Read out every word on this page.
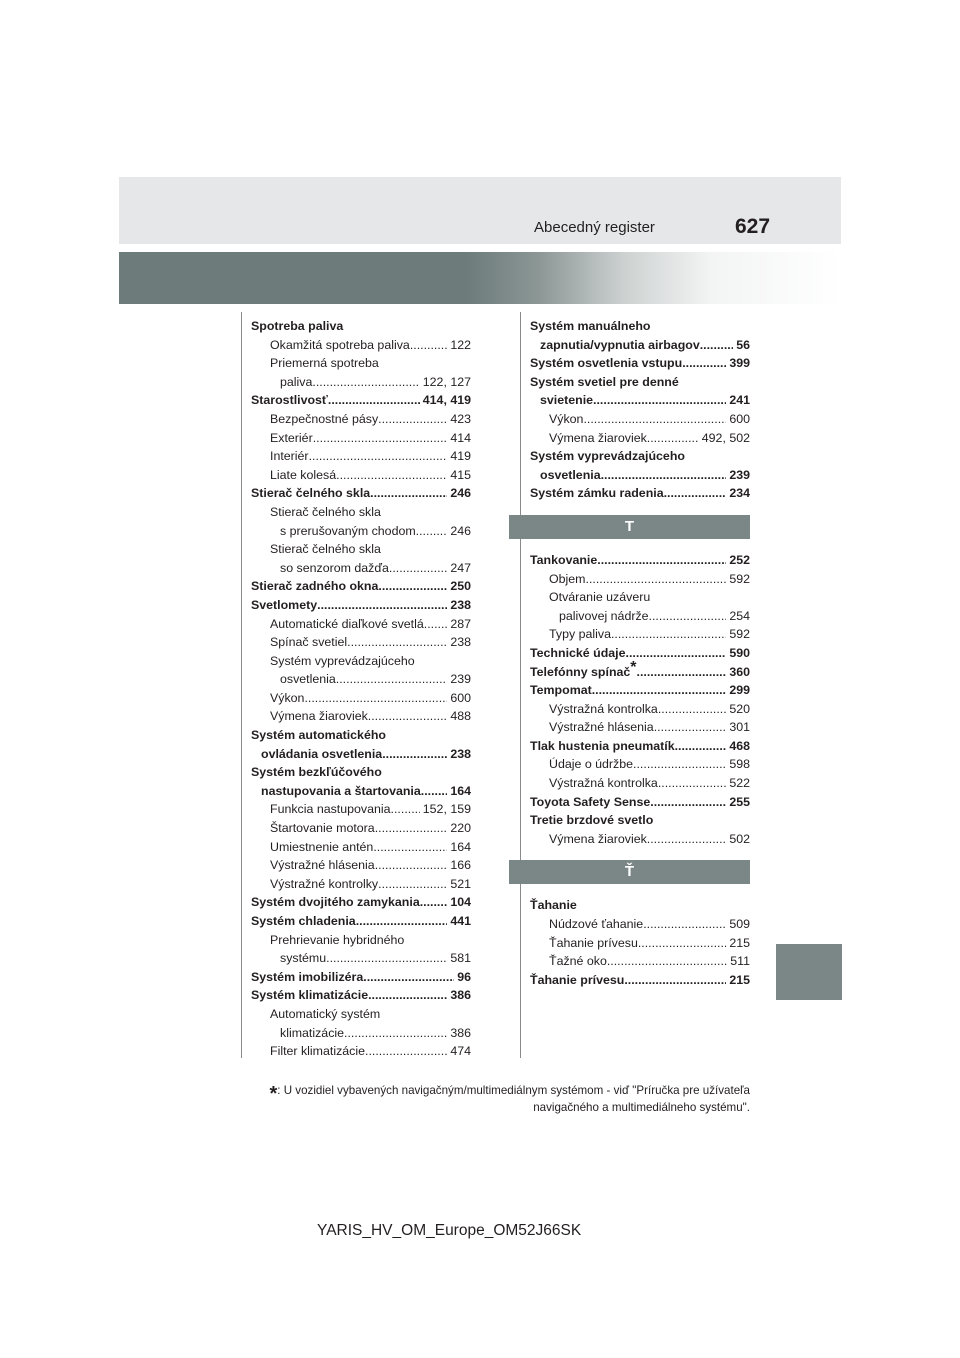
Abecedný register	627
Spotreba paliva
Okamžitá spotreba paliva .....	122
Priemerná spotreba
paliva .....	122, 127
Starostlivosť .....	414, 419
Bezpečnostné pásy .....	423
Exteriér .....	414
Interiér .....	419
Liate kolesá .....	415
Stierač čelného skla .....	246
Stierač čelného skla
s prerušovaným chodom .....	246
Stierač čelného skla
so senzorom dažďa .....	247
Stierač zadného okna .....	250
Svetlomety .....	238
Automatické diaľkové svetlá ..... 287
Spínač svetiel .....	238
Systém vyprevádzajúceho
osvetlenia .....	239
Výkon .....	600
Výmena žiaroviek .....	488
Systém automatického
ovládania osvetlenia .....	238
Systém bezkľúčového
nastupovania a štartovania ..... 164
Funkcia nastupovania .....	152, 159
Štartovanie motora .....	220
Umiestnenie antén .....	164
Výstražné hlásenia .....	166
Výstražné kontrolky .....	521
Systém dvojitého zamykania ..... 104
Systém chladenia .....	441
Prehrievanie hybridného
systému .....	581
Systém imobilizéra .....	96
Systém klimatizácie .....	386
Automatický systém
klimatizácie .....	386
Filter klimatizácie .....	474
Systém manuálneho
zapnutia/vypnutia airbagov .....	56
Systém osvetlenia vstupu .....	399
Systém svetiel pre denné
svietenie .....	241
Výkon .....	600
Výmena žiaroviek .....	492, 502
Systém vyprevádzajúceho
osvetlenia .....	239
Systém zámku radenia .....	234
T
Tankovanie .....	252
Objem .....	592
Otváranie uzáveru
palivovej nádrže .....	254
Typy paliva .....	592
Technické údaje .....	590
Telefónny spínač* .....	360
Tempomat .....	299
Výstražná kontrolka .....	520
Výstražné hlásenia .....	301
Tlak hustenia pneumatík .....	468
Údaje o údržbe .....	598
Výstražná kontrolka .....	522
Toyota Safety Sense .....	255
Tretie brzdové svetlo
Výmena žiaroviek .....	502
Ť
Ťahanie
Núdzové ťahanie .....	509
Ťahanie prívesu .....	215
Ťažné oko .....	511
Ťahanie prívesu .....	215
*: U vozidiel vybavených navigačným/multimediálnym systémom - viď "Príručka pre užívateľa
navigačného a multimediálneho systému".
YARIS_HV_OM_Europe_OM52J66SK
